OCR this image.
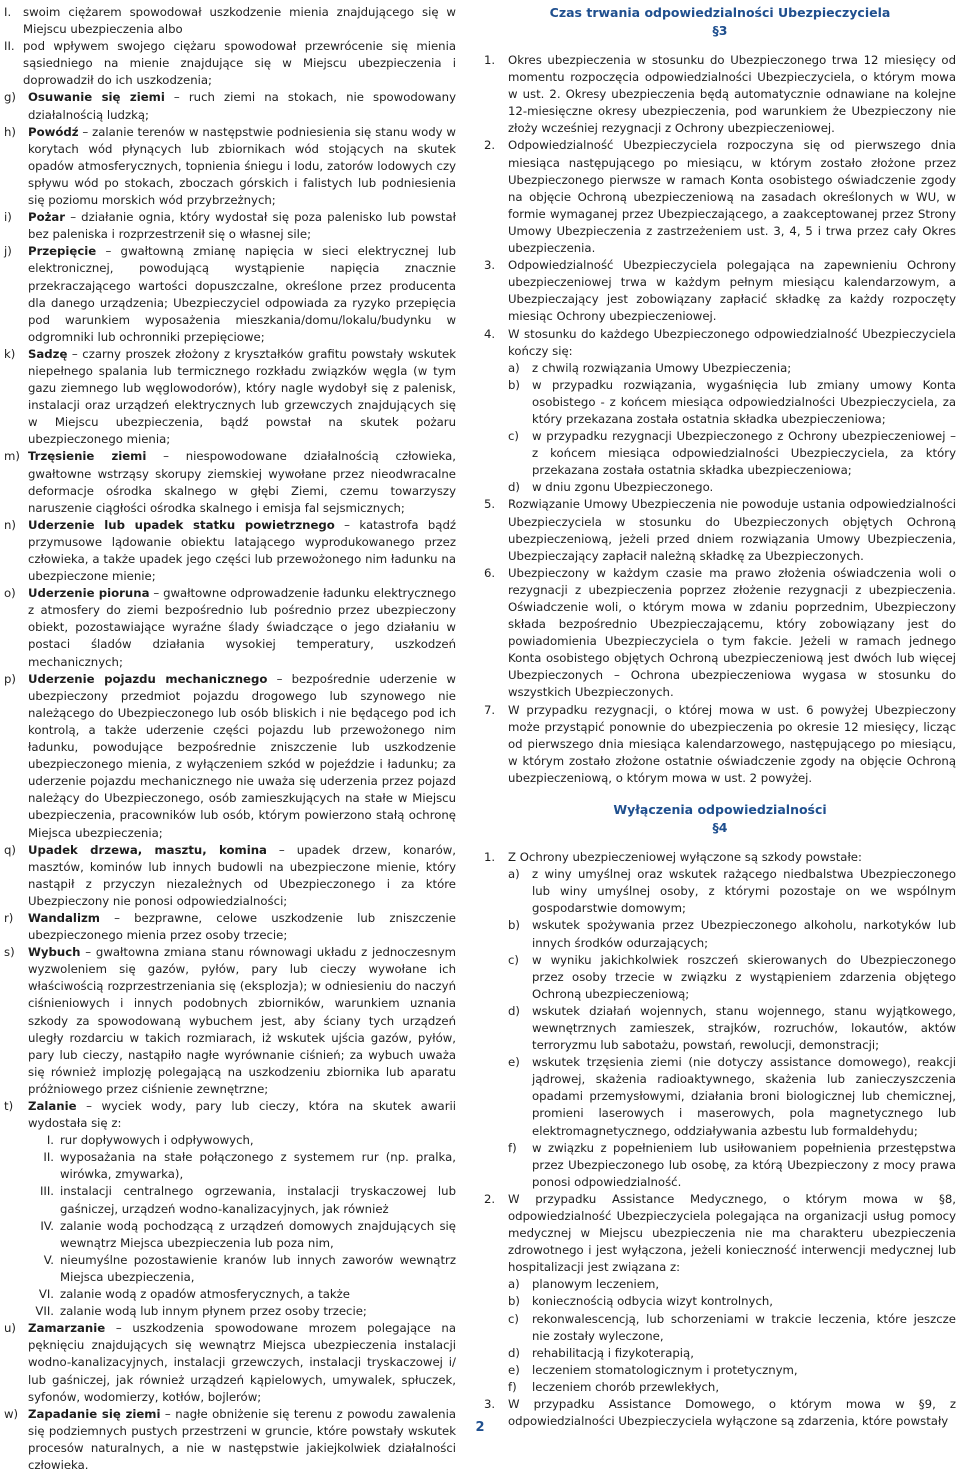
I.	swoim ciężarem spowodował uszkodzenie mienia znajdującego się w Miejscu ubezpieczenia albo
II. pod wpływem swojego ciężaru spowodował przewrócenie się mienia sąsiedniego na mienie znajdujące się w Miejscu ubezpieczenia i doprowadził do ich uszkodzenia;
g)	Osuwanie się ziemi – ruch ziemi na stokach, nie spowodowany działalnością ludzką;
h)	Powódź – zalanie terenów w następstwie podniesienia się stanu wody w korytach wód płynących lub zbiornikach wód stojących na skutek opadów atmosferycznych, topnienia śniegu i lodu, zatorów lodowych czy spływu wód po stokach, zboczach górskich i falistych lub podniesienia się poziomu morskich wód przybrzeżnych;
i)	Pożar – działanie ognia, który wydostał się poza palenisko lub powstał bez paleniska i rozprzestrzenił się o własnej sile;
j)	Przepięcie – gwałtowną zmianę napięcia w sieci elektrycznej lub elektronicznej, powodującą wystąpienie napięcia znacznie przekraczającego wartości dopuszczalne, określone przez producenta dla danego urządzenia; Ubezpieczyciel odpowiada za ryzyko przepięcia pod warunkiem wyposażenia mieszkania/domu/lokalu/budynku w odgromniki lub ochronniki przepięciowe;
k)	Sadzę – czarny proszek złożony z kryształków grafitu powstały wskutek niepełnego spalania lub termicznego rozkładu związków węgla (w tym gazu ziemnego lub węglowodorów), który nagle wydobył się z palenisk, instalacji oraz urządzeń elektrycznych lub grzewczych znajdujących się w Miejscu ubezpieczenia, bądź powstał na skutek pożaru ubezpieczonego mienia;
m) Trzęsienie ziemi – niespowodowane działalnością człowieka, gwałtowne wstrząsy skorupy ziemskiej wywołane przez nieodwracalne deformacje ośrodka skalnego w głębi Ziemi, czemu towarzyszy naruszenie ciągłości ośrodka skalnego i emisja fal sejsmicznych;
n)	Uderzenie lub upadek statku powietrznego – katastrofa bądź przymusowe lądowanie obiektu latającego wyprodukowanego przez człowieka, a także upadek jego części lub przewożonego nim ładunku na ubezpieczone mienie;
o)	Uderzenie pioruna – gwałtowne odprowadzenie ładunku elektrycznego z atmosfery do ziemi bezpośrednio lub pośrednio przez ubezpieczony obiekt, pozostawiające wyraźne ślady świadczące o jego działaniu w postaci śladów działania wysokiej temperatury, uszkodzeń mechanicznych;
p)	Uderzenie pojazdu mechanicznego – bezpośrednie uderzenie w ubezpieczony przedmiot pojazdu drogowego lub szynowego nie należącego do Ubezpieczonego lub osób bliskich i nie będącego pod ich kontrolą, a także uderzenie części pojazdu lub przewożonego nim ładunku, powodujące bezpośrednie zniszczenie lub uszkodzenie ubezpieczonego mienia, z wyłączeniem szkód w pojeździe i ładunku; za uderzenie pojazdu mechanicznego nie uważa się uderzenia przez pojazd należący do Ubezpieczonego, osób zamieszkujących na stałe w Miejscu ubezpieczenia, pracowników lub osób, którym powierzono stałą ochronę Miejsca ubezpieczenia;
q)	Upadek drzewa, masztu, komina – upadek drzew, konarów, masztów, kominów lub innych budowli na ubezpieczone mienie, który nastąpił z przyczyn niezależnych od Ubezpieczonego i za które Ubezpieczony nie ponosi odpowiedzialności;
r)	Wandalizm – bezprawne, celowe uszkodzenie lub zniszczenie ubezpieczonego mienia przez osoby trzecie;
s)	Wybuch – gwałtowna zmiana stanu równowagi układu z jednoczesnym wyzwoleniem się gazów, pyłów, pary lub cieczy wywołane ich właściwością rozprzestrzeniania się (eksplozja); w odniesieniu do naczyń ciśnieniowych i innych podobnych zbiorników, warunkiem uznania szkody za spowodowaną wybuchem jest, aby ściany tych urządzeń uległy rozdarciu w takich rozmiarach, iż wskutek ujścia gazów, pyłów, pary lub cieczy, nastąpiło nagłe wyrównanie ciśnień; za wybuch uważa się również implozję polegającą na uszkodzeniu zbiornika lub aparatu próżniowego przez ciśnienie zewnętrzne;
t)	Zalanie – wyciek wody, pary lub cieczy, która na skutek awarii wydostała się z:
I. rur dopływowych i odpływowych,
II. wyposażania na stałe połączonego z systemem rur (np. pralka, wirówka, zmywarka),
III. instalacji centralnego ogrzewania, instalacji tryskaczowej lub gaśniczej, urządzeń wodno-kanalizacyjnych, jak również
IV. zalanie wodą pochodzącą z urządzeń domowych znajdujących się wewnątrz Miejsca ubezpieczenia lub poza nim,
V. nieumyślne pozostawienie kranów lub innych zaworów wewnątrz Miejsca ubezpieczenia,
VI. zalanie wodą z opadów atmosferycznych, a także
VII. zalanie wodą lub innym płynem przez osoby trzecie;
u)	Zamarzanie – uszkodzenia spowodowane mrozem polegające na pęknięciu znajdujących się wewnątrz Miejsca ubezpieczenia instalacji wodno-kanalizacyjnych, instalacji grzewczych, instalacji tryskaczowej i/ lub gaśniczej, jak również urządzeń kąpielowych, umywalek, spłuczek, syfonów, wodomierzy, kotłów, bojlerów;
w) Zapadanie się ziemi – nagłe obniżenie się terenu z powodu zawalenia się podziemnych pustych przestrzeni w gruncie, które powstały wskutek procesów naturalnych, a nie w następstwie jakiejkolwiek działalności człowieka.
Czas trwania odpowiedzialności Ubezpieczyciela
§3
1.	Okres ubezpieczenia w stosunku do Ubezpieczonego trwa 12 miesięcy od momentu rozpoczęcia odpowiedzialności Ubezpieczyciela, o którym mowa w ust. 2. Okresy ubezpieczenia będą automatycznie odnawiane na kolejne 12-miesięczne okresy ubezpieczenia, pod warunkiem że Ubezpieczony nie złoży wcześniej rezygnacji z Ochrony ubezpieczeniowej.
2.	Odpowiedzialność Ubezpieczyciela rozpoczyna się od pierwszego dnia miesiąca następującego po miesiącu, w którym zostało złożone przez Ubezpieczonego pierwsze w ramach Konta osobistego oświadczenie zgody na objęcie Ochroną ubezpieczeniową na zasadach określonych w WU, w formie wymaganej przez Ubezpieczającego, a zaakceptowanej przez Strony Umowy Ubezpieczenia z zastrzeżeniem ust. 3, 4, 5 i trwa przez cały Okres ubezpieczenia.
3.	Odpowiedzialność Ubezpieczyciela polegająca na zapewnieniu Ochrony ubezpieczeniowej trwa w każdym pełnym miesiącu kalendarzowym, a Ubezpieczający jest zobowiązany zapłacić składkę za każdy rozpoczęty miesiąc Ochrony ubezpieczeniowej.
4.	W stosunku do każdego Ubezpieczonego odpowiedzialność Ubezpieczyciela kończy się:
a)	z chwilą rozwiązania Umowy Ubezpieczenia;
b)	w przypadku rozwiązania, wygaśnięcia lub zmiany umowy Konta osobistego - z końcem miesiąca odpowiedzialności Ubezpieczyciela, za który przekazana została ostatnia składka ubezpieczeniowa;
c)	w przypadku rezygnacji Ubezpieczonego z Ochrony ubezpieczeniowej – z końcem miesiąca odpowiedzialności Ubezpieczyciela, za który przekazana została ostatnia składka ubezpieczeniowa;
d)	w dniu zgonu Ubezpieczonego.
5.	Rozwiązanie Umowy Ubezpieczenia nie powoduje ustania odpowiedzialności Ubezpieczyciela w stosunku do Ubezpieczonych objętych Ochroną ubezpieczeniową, jeżeli przed dniem rozwiązania Umowy Ubezpieczenia, Ubezpieczający zapłacił należną składkę za Ubezpieczonych.
6.	Ubezpieczony w każdym czasie ma prawo złożenia oświadczenia woli o rezygnacji z ubezpieczenia poprzez złożenie rezygnacji z ubezpieczenia. Oświadczenie woli, o którym mowa w zdaniu poprzednim, Ubezpieczony składa bezpośrednio Ubezpieczającemu, który zobowiązany jest do powiadomienia Ubezpieczyciela o tym fakcie. Jeżeli w ramach jednego Konta osobistego objętych Ochroną ubezpieczeniową jest dwóch lub więcej Ubezpieczonych – Ochrona ubezpieczeniowa wygasa w stosunku do wszystkich Ubezpieczonych.
7.	W przypadku rezygnacji, o której mowa w ust. 6 powyżej Ubezpieczony może przystąpić ponownie do ubezpieczenia po okresie 12 miesięcy, licząc od pierwszego dnia miesiąca kalendarzowego, następującego po miesiącu, w którym zostało złożone ostatnie oświadczenie zgody na objęcie Ochroną ubezpieczeniową, o którym mowa w ust. 2 powyżej.
Wyłączenia odpowiedzialności
§4
1.	Z Ochrony ubezpieczeniowej wyłączone są szkody powstałe:
a)	z winy umyślnej oraz wskutek rażącego niedbalstwa Ubezpieczonego lub winy umyślnej osoby, z którymi pozostaje on we wspólnym gospodarstwie domowym;
b)	wskutek spożywania przez Ubezpieczonego alkoholu, narkotyków lub innych środków odurzających;
c)	w wyniku jakichkolwiek roszczeń skierowanych do Ubezpieczonego przez osoby trzecie w związku z wystąpieniem zdarzenia objętego Ochroną ubezpieczeniową;
d)	wskutek działań wojennych, stanu wojennego, stanu wyjątkowego, wewnętrznych zamieszek, strajków, rozruchów, lokautów, aktów terroryzmu lub sabotażu, powstań, rewolucji, demonstracji;
e)	wskutek trzęsienia ziemi (nie dotyczy assistance domowego), reakcji jądrowej, skażenia radioaktywnego, skażenia lub zanieczyszczenia opadami przemysłowymi, działania broni biologicznej lub chemicznej, promieni laserowych i maserowych, pola magnetycznego lub elektromagnetycznego, oddziaływania azbestu lub formaldehydu;
f)	w związku z popełnieniem lub usiłowaniem popełnienia przestępstwa przez Ubezpieczonego lub osobę, za którą Ubezpieczony z mocy prawa ponosi odpowiedzialność.
2.	W przypadku Assistance Medycznego, o którym mowa w §8, odpowiedzialność Ubezpieczyciela polegająca na organizacji usług pomocy medycznej w Miejscu ubezpieczenia nie ma charakteru ubezpieczenia zdrowotnego i jest wyłączona, jeżeli konieczność interwencji medycznej lub hospitalizacji jest związana z:
a)	planowym leczeniem,
b)	koniecznością odbycia wizyt kontrolnych,
c)	rekonwalescencją, lub schorzeniami w trakcie leczenia, które jeszcze nie zostały wyleczone,
d)	rehabilitacją i fizykoterapią,
e)	leczeniem stomatologicznym i protetycznym,
f)	leczeniem chorób przewlekłych,
3.	W przypadku Assistance Domowego, o którym mowa w §9, z odpowiedzialności Ubezpieczyciela wyłączone są zdarzenia, które powstały
2
